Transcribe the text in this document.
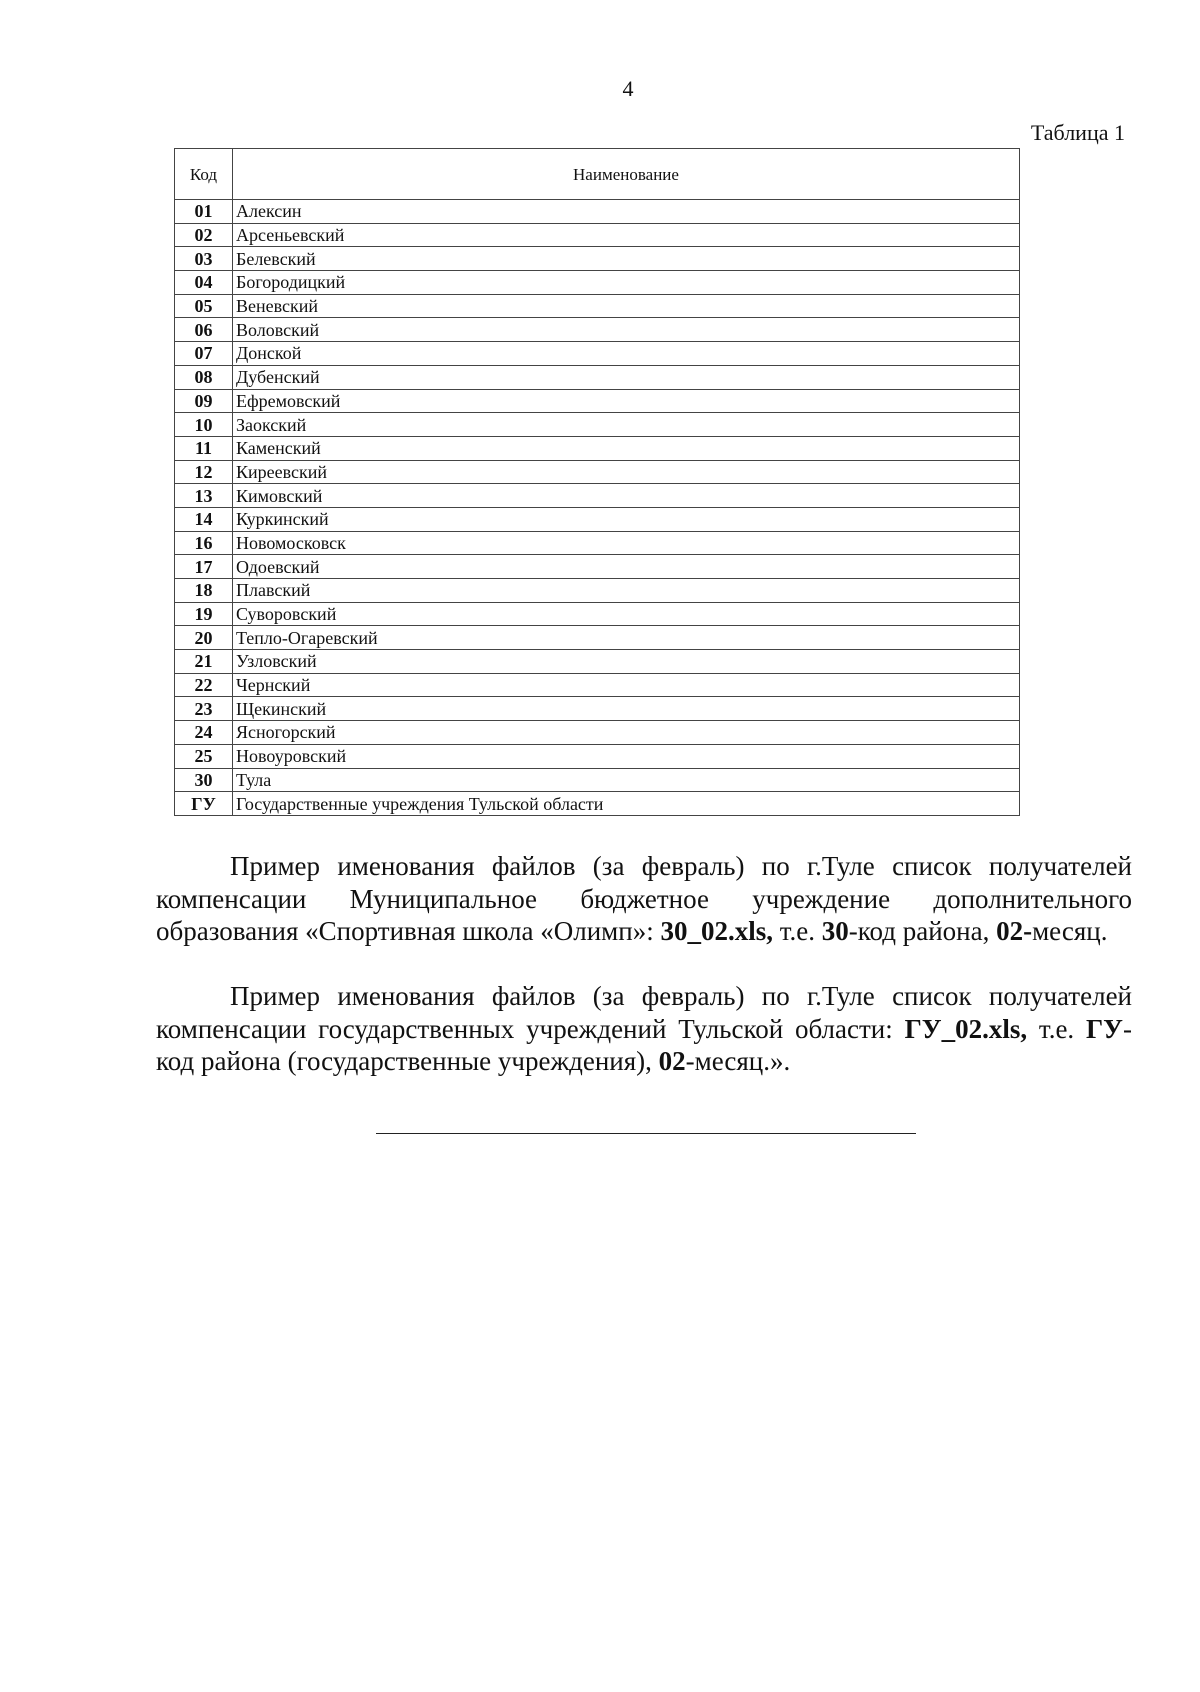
4
Таблица 1
Код	Наименование
01	Алексин
02	Арсеньевский
03	Белевский
04	Богородицкий
05	Веневский
06	Воловский
07	Донской
08	Дубенский
09	Ефремовский
10	Заокский
11	Каменский
12	Киреевский
13	Кимовский
14	Куркинский
16	Новомосковск
17	Одоевский
18	Плавский
19	Суворовский
20	Тепло-Огаревский
21	Узловский
22	Чернский
23	Щекинский
24	Ясногорский
25	Новоуровский
30	Тула
ГУ	Государственные учреждения Тульской области

Пример именования файлов (за февраль) по г.Туле список получателей компенсации Муниципальное бюджетное учреждение дополнительного образования «Спортивная школа «Олимп»: 30_02.xls, т.е. 30-код района, 02-месяц.

Пример именования файлов (за февраль) по г.Туле список получателей компенсации государственных учреждений Тульской области: ГУ_02.xls, т.е. ГУ-код района (государственные учреждения), 02-месяц.».
